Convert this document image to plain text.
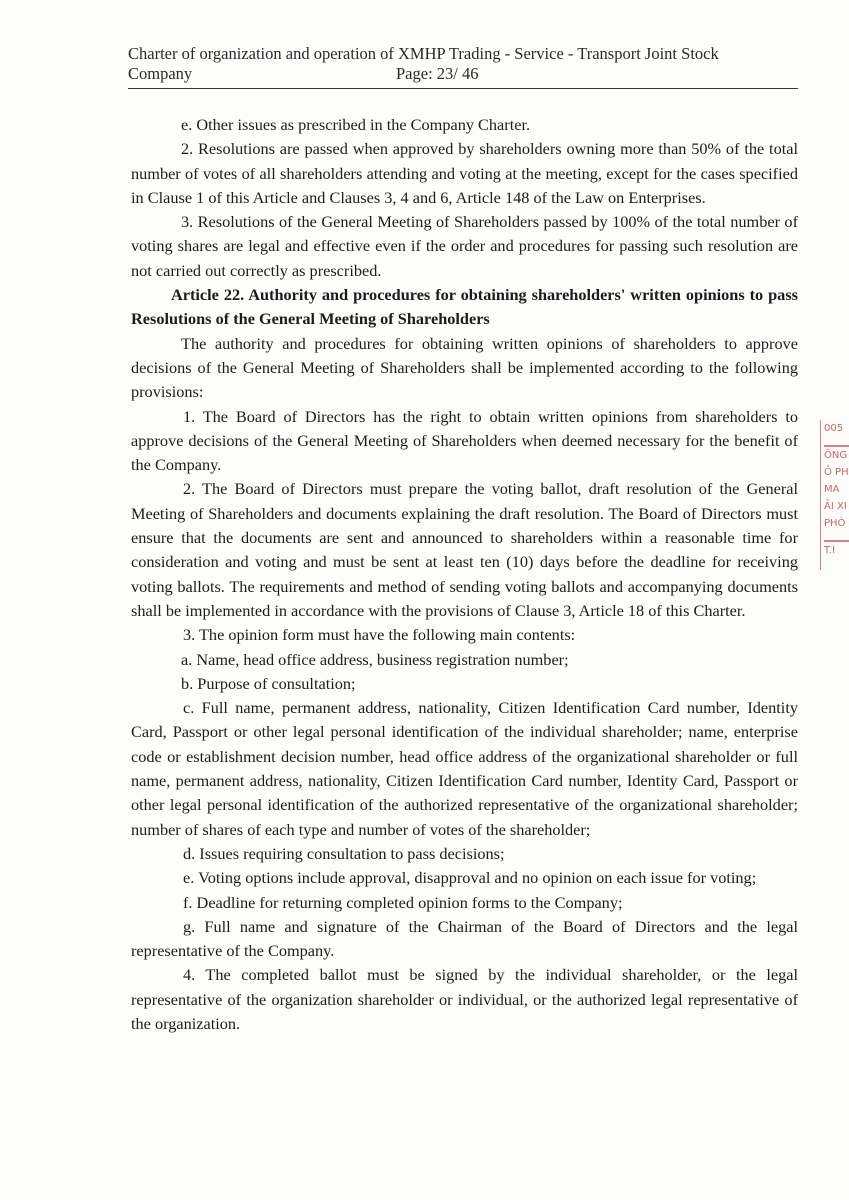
Charter of organization and operation of XMHP Trading - Service - Transport Joint Stock
Company	Page: 23/ 46

e. Other issues as prescribed in the Company Charter.

2. Resolutions are passed when approved by shareholders owning more than 50% of the total number of votes of all shareholders attending and voting at the meeting, except for the cases specified in Clause 1 of this Article and Clauses 3, 4 and 6, Article 148 of the Law on Enterprises.

3. Resolutions of the General Meeting of Shareholders passed by 100% of the total number of voting shares are legal and effective even if the order and procedures for passing such resolution are not carried out correctly as prescribed.

Article 22. Authority and procedures for obtaining shareholders' written opinions to pass Resolutions of the General Meeting of Shareholders

The authority and procedures for obtaining written opinions of shareholders to approve decisions of the General Meeting of Shareholders shall be implemented according to the following provisions:

1. The Board of Directors has the right to obtain written opinions from shareholders to approve decisions of the General Meeting of Shareholders when deemed necessary for the benefit of the Company.

2. The Board of Directors must prepare the voting ballot, draft resolution of the General Meeting of Shareholders and documents explaining the draft resolution. The Board of Directors must ensure that the documents are sent and announced to shareholders within a reasonable time for consideration and voting and must be sent at least ten (10) days before the deadline for receiving voting ballots. The requirements and method of sending voting ballots and accompanying documents shall be implemented in accordance with the provisions of Clause 3, Article 18 of this Charter.

3. The opinion form must have the following main contents:

a. Name, head office address, business registration number;

b. Purpose of consultation;

c. Full name, permanent address, nationality, Citizen Identification Card number, Identity Card, Passport or other legal personal identification of the individual shareholder; name, enterprise code or establishment decision number, head office address of the organizational shareholder or full name, permanent address, nationality, Citizen Identification Card number, Identity Card, Passport or other legal personal identification of the authorized representative of the organizational shareholder; number of shares of each type and number of votes of the shareholder;

d. Issues requiring consultation to pass decisions;

e. Voting options include approval, disapproval and no opinion on each issue for voting;

f. Deadline for returning completed opinion forms to the Company;

g. Full name and signature of the Chairman of the Board of Directors and the legal representative of the Company.

4. The completed ballot must be signed by the individual shareholder, or the legal representative of the organization shareholder or individual, or the authorized legal representative of the organization.

005
ÔNG
Ỏ PH
MA
ẢI XI
PHÒ
T.I
